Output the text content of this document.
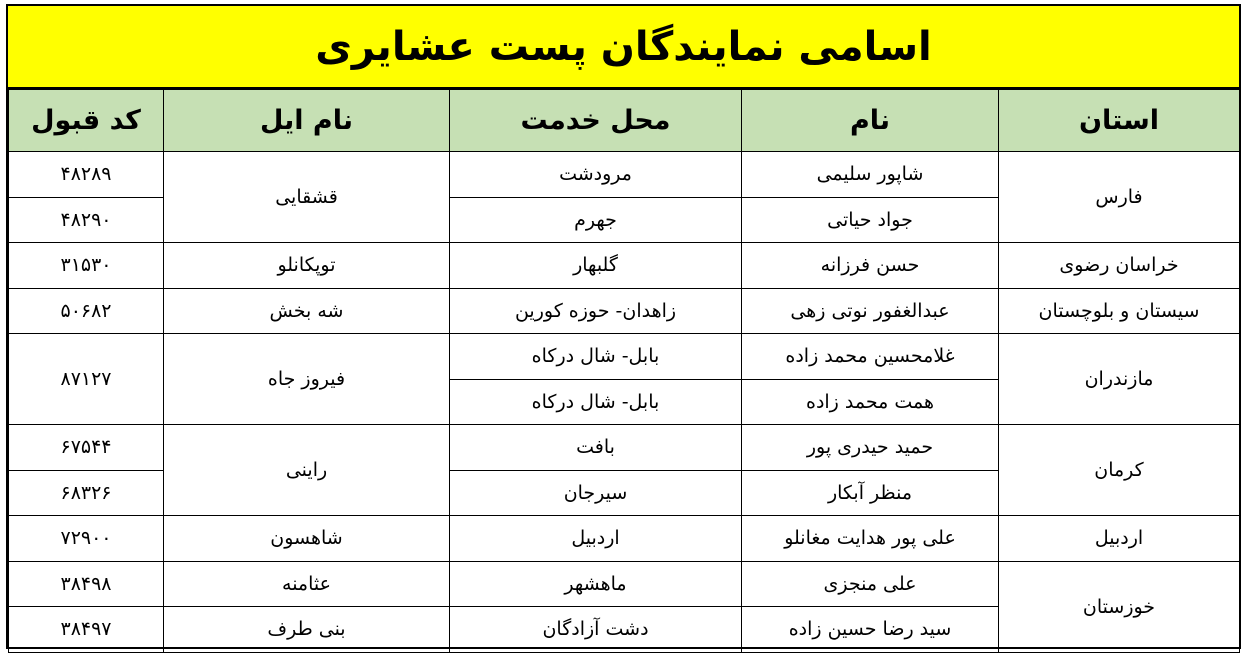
اسامی نمایندگان پست عشایری
استان	نام	محل خدمت	نام ایل	کد قبول
فارس	شاپور سلیمی	مرودشت	قشقایی	۴۸۲۸۹
	جواد حیاتی	جهرم		۴۸۲۹۰
خراسان رضوی	حسن فرزانه	گلبهار	توپکانلو	۳۱۵۳۰
سیستان و بلوچستان	عبدالغفور نوتی زهی	زاهدان- حوزه کورین	شه بخش	۵۰۶۸۲
مازندران	غلامحسین محمد زاده	بابل- شال درکاه	فیروز جاه	۸۷۱۲۷
	همت محمد زاده	بابل- شال درکاه		
کرمان	حمید حیدری پور	بافت	راینی	۶۷۵۴۴
	منظر آبکار	سیرجان		۶۸۳۲۶
اردبیل	علی پور هدایت مغانلو	اردبیل	شاهسون	۷۲۹۰۰
خوزستان	علی منجزی	ماهشهر	عثامنه	۳۸۴۹۸
	سید رضا حسین زاده	دشت آزادگان	بنی طرف	۳۸۴۹۷
